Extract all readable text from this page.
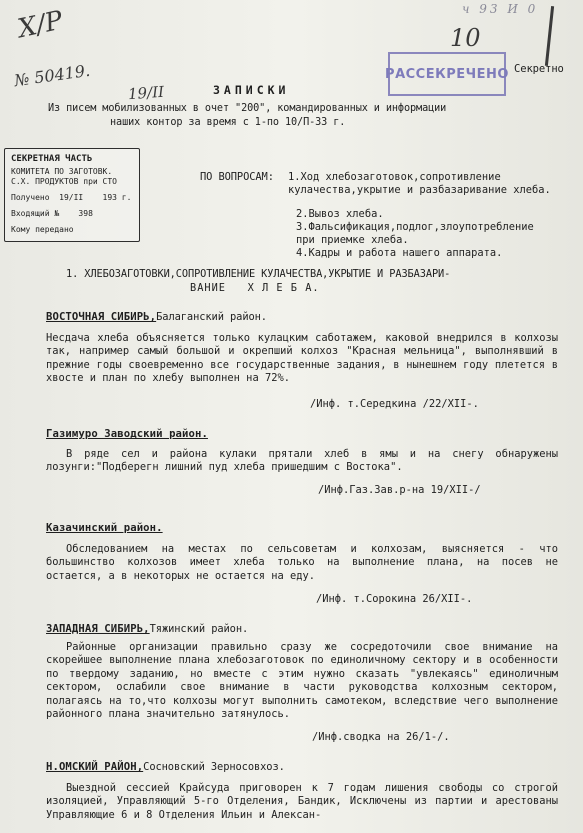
Х/Р
№ 50419.
19/II
10
ч 93 И 0
РАССЕКРЕЧЕНО Секретно
ЗАПИСКИ
Из писем мобилизованных в очет "200", командированных и информации
наших контор за время с 1-по 10/П-33 г.
СЕКРЕТНАЯ ЧАСТЬ
КОМИТЕТА ПО ЗАГОТОВК.
С.Х. ПРОДУКТОВ при СТО
Получено  19/II    193 г.
Входящий №    398
Кому передано
ПО ВОПРОСАМ: 1.Ход хлебозаготовок,сопротивление кулачества,укрытие и разбазаривание хлеба.
2.Вывоз хлеба.
3.Фальсификация,подлог,злоупотребление при приемке хлеба.
4.Кадры и работа нашего аппарата.
1. ХЛЕБОЗАГОТОВКИ,СОПРОТИВЛЕНИЕ КУЛАЧЕСТВА,УКРЫТИЕ И РАЗБАЗАРИ-
ВАНИЕ   Х Л Е Б А.
ВОСТОЧНАЯ СИБИРЬ,Балаганский район.
Несдача хлеба объясняется только кулацким саботажем, каковой внедрился в колхозы так, например самый большой и окрепший колхоз "Красная мельница", выполнявший в прежние годы своевременно все государственные задания, в нынешнем году плетется в хвосте и план по хлебу выполнен на 72%.
/Инф. т.Середкина /22/XII-.
Газимуро Заводский район.
В ряде сел и района кулаки прятали хлеб в ямы и на снегу обнаружены лозунги:"Подберегн лишний пуд хлеба пришедшим с Востока".
/Инф.Газ.Зав.р-на 19/XII-/
Казачинский район.
Обследованием на местах по сельсоветам и колхозам, выясняется - что большинство колхозов имеет хлеба только на выполнение плана, на посев не остается, а в некоторых не остается на еду.
/Инф. т.Сорокина 26/XII-.
ЗАПАДНАЯ СИБИРЬ,Тяжинский район.
Районные организации правильно сразу же сосредоточили свое внимание на скорейшее выполнение плана хлебозаготовок по единоличному сектору и в особенности по твердому заданию, но вместе с этим нужно сказать "увлекаясь" единоличным сектором, ослабили свое внимание в части руководства колхозным сектором, полагаясь на то,что колхозы могут выполнить самотеком, вследствие чего выполнение районного плана значительно затянулось.
/Инф.сводка на 26/1-/.
Н.ОМСКИЙ РАЙОН,Сосновский Зерносовхоз.
Выездной сессией Крайсуда приговорен к 7 годам лишения свободы со строгой изоляцией, Управляющий 5-го Отделения, Бандик, Исключены из партии и арестованы Управляющие 6 и 8 Отделения Ильин и Алексан-
